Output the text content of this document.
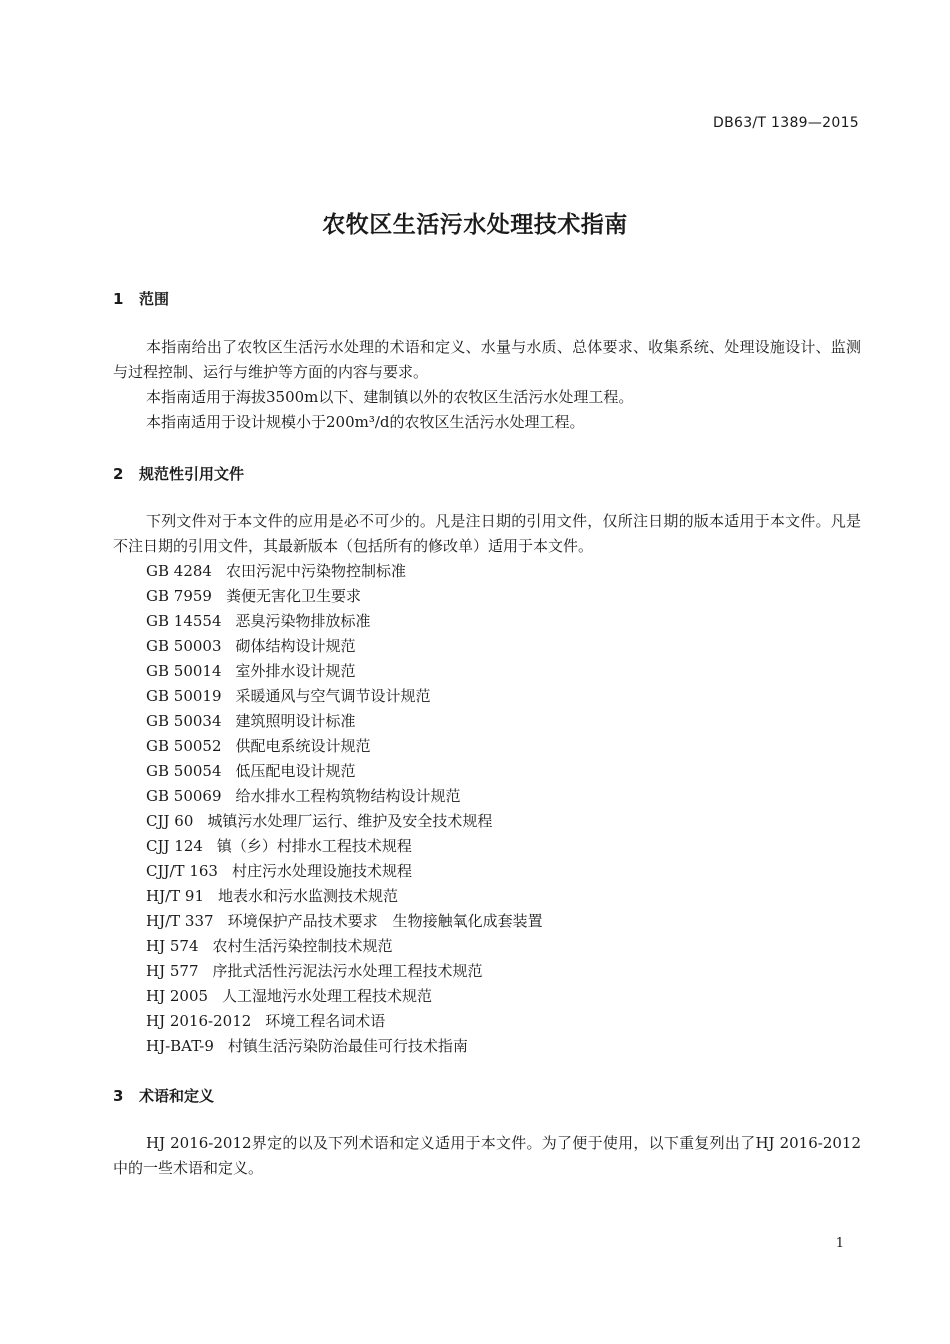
DB63/T 1389—2015
农牧区生活污水处理技术指南
1 范围

本指南给出了农牧区生活污水处理的术语和定义、水量与水质、总体要求、收集系统、处理设施设计、监测与过程控制、运行与维护等方面的内容与要求。

本指南适用于海拔3500m以下、建制镇以外的农牧区生活污水处理工程。

本指南适用于设计规模小于200m³/d的农牧区生活污水处理工程。

2 规范性引用文件

下列文件对于本文件的应用是必不可少的。凡是注日期的引用文件，仅所注日期的版本适用于本文件。凡是不注日期的引用文件，其最新版本（包括所有的修改单）适用于本文件。

GB 4284 农田污泥中污染物控制标准
GB 7959 粪便无害化卫生要求
GB 14554 恶臭污染物排放标准
GB 50003 砌体结构设计规范
GB 50014 室外排水设计规范
GB 50019 采暖通风与空气调节设计规范
GB 50034 建筑照明设计标准
GB 50052 供配电系统设计规范
GB 50054 低压配电设计规范
GB 50069 给水排水工程构筑物结构设计规范
CJJ 60 城镇污水处理厂运行、维护及安全技术规程
CJJ 124 镇（乡）村排水工程技术规程
CJJ/T 163 村庄污水处理设施技术规程
HJ/T 91 地表水和污水监测技术规范
HJ/T 337 环境保护产品技术要求　生物接触氧化成套装置
HJ 574 农村生活污染控制技术规范
HJ 577 序批式活性污泥法污水处理工程技术规范
HJ 2005 人工湿地污水处理工程技术规范
HJ 2016-2012 环境工程名词术语
HJ-BAT-9 村镇生活污染防治最佳可行技术指南
3 术语和定义

HJ 2016-2012界定的以及下列术语和定义适用于本文件。为了便于使用，以下重复列出了HJ 2016-2012中的一些术语和定义。

1
